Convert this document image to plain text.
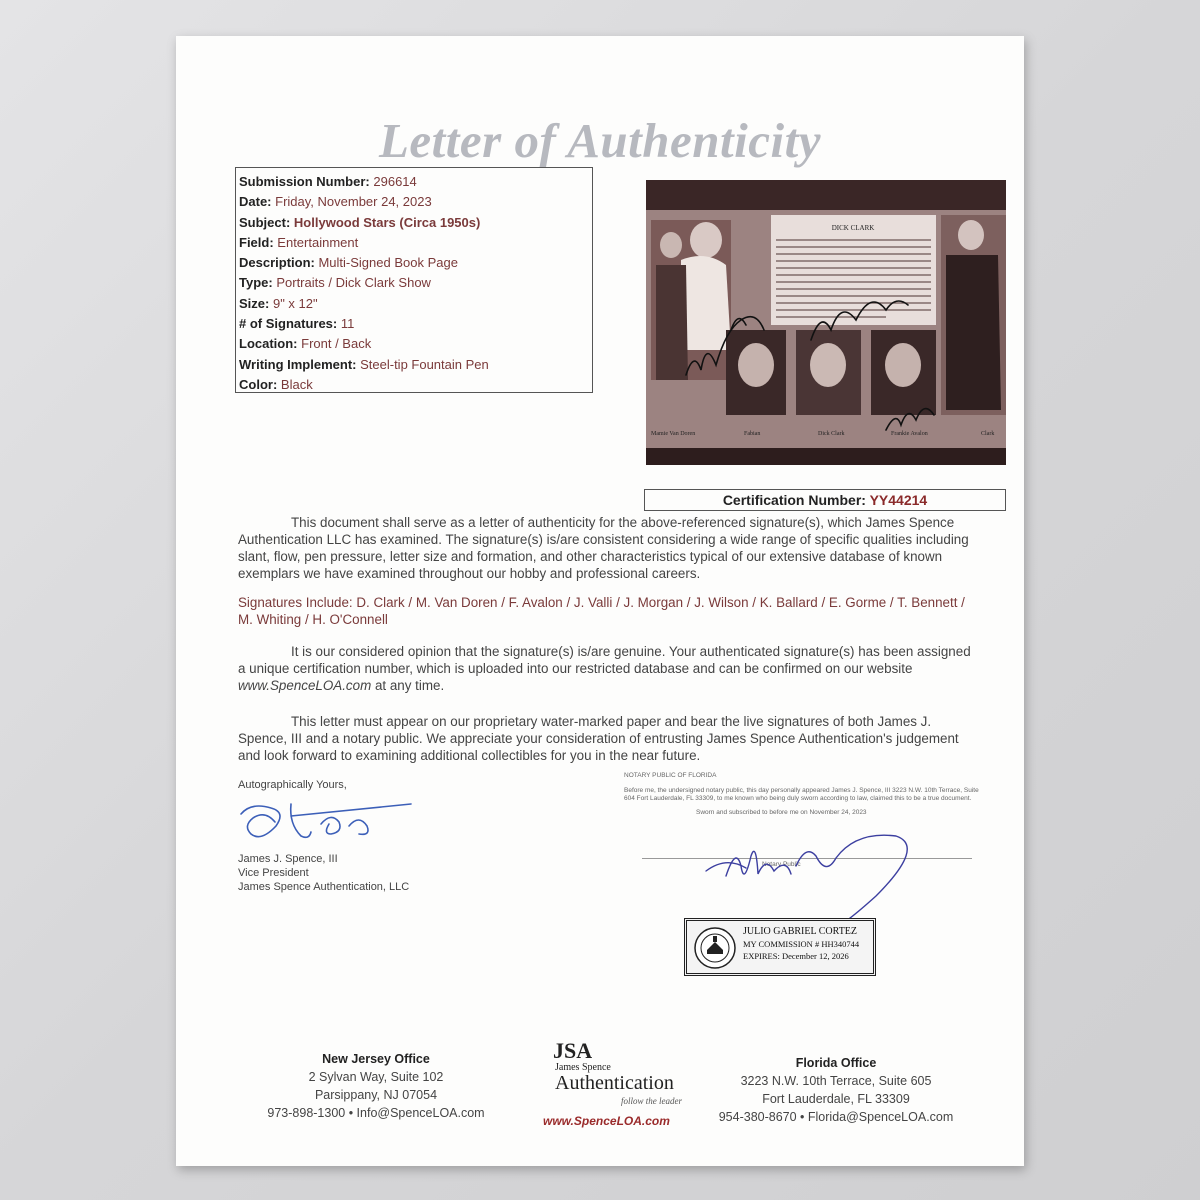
Letter of Authenticity
Submission Number: 296614
Date: Friday, November 24, 2023
Subject: Hollywood Stars (Circa 1950s)
Field: Entertainment
Description: Multi-Signed Book Page
Type: Portraits / Dick Clark Show
Size: 9" x 12"
# of Signatures: 11
Location: Front / Back
Writing Implement: Steel-tip Fountain Pen
Color: Black
DICK CLARK
Mamie Van Doren	Fabian	Dick Clark	Frankie Avalon	Clark
Certification Number: YY44214

This document shall serve as a letter of authenticity for the above-referenced signature(s), which James Spence Authentication LLC has examined. The signature(s) is/are consistent considering a wide range of specific qualities including slant, flow, pen pressure, letter size and formation, and other characteristics typical of our extensive database of known exemplars we have examined throughout our hobby and professional careers.

Signatures Include: D. Clark / M. Van Doren / F. Avalon / J. Valli / J. Morgan / J. Wilson / K. Ballard / E. Gorme / T. Bennett / M. Whiting / H. O'Connell

It is our considered opinion that the signature(s) is/are genuine. Your authenticated signature(s) has been assigned a unique certification number, which is uploaded into our restricted database and can be confirmed on our website www.SpenceLOA.com at any time.

This letter must appear on our proprietary water-marked paper and bear the live signatures of both James J. Spence, III and a notary public. We appreciate your consideration of entrusting James Spence Authentication's judgement and look forward to examining additional collectibles for you in the near future.

Autographically Yours,
James J. Spence, III
Vice President
James Spence Authentication, LLC
NOTARY PUBLIC OF FLORIDA
Before me, the undersigned notary public, this day personally appeared James J. Spence, III 3223 N.W. 10th Terrace, Suite 604 Fort Lauderdale, FL 33309, to me known who being duly sworn according to law, claimed this to be a true document.
Sworn and subscribed to before me on November 24, 2023
Notary Public
JULIO GABRIEL CORTEZ
MY COMMISSION # HH340744
EXPIRES: December 12, 2026
New Jersey Office
2 Sylvan Way, Suite 102
Parsippany, NJ 07054
973-898-1300 • Info@SpenceLOA.com
JSA
James Spence
Authentication
follow the leader
www.SpenceLOA.com
Florida Office
3223 N.W. 10th Terrace, Suite 605
Fort Lauderdale, FL 33309
954-380-8670 • Florida@SpenceLOA.com
